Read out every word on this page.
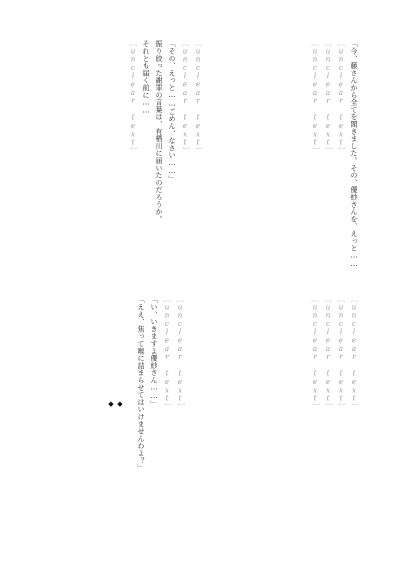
「今、藤さんから全てを聞きました。その、優紗さんを、えっと……

［unclear text］

［unclear text］

［unclear text］

［unclear text］

［unclear text］

「その、えっと……ごめん、なさい……」

振り絞った謝罪の言葉は、有栖川に届いたのだろうか。

それとも届く前に……

［unclear text］

［unclear text］

［unclear text］

［unclear text］

［unclear text］

◆
◆	［unclear text］

［unclear text］

「い、いきますよ優紗さん……」

「ええ、焦って喉に詰まらせてはいけませんわよ？」
